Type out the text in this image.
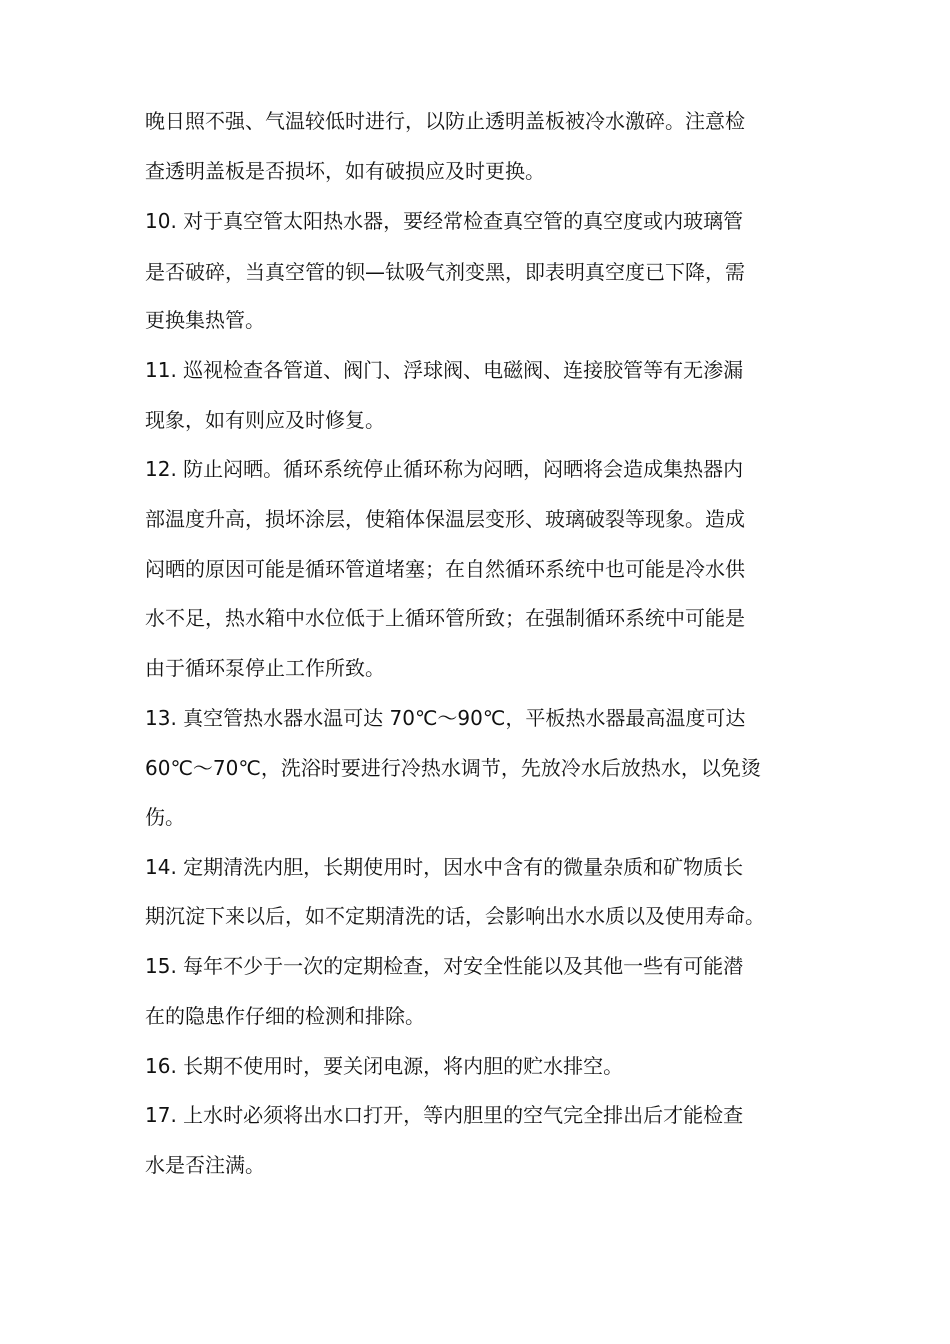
晚日照不强、气温较低时进行，以防止透明盖板被冷水激碎。注意检
查透明盖板是否损坏，如有破损应及时更换。
10. 对于真空管太阳热水器，要经常检查真空管的真空度或内玻璃管
是否破碎，当真空管的钡—钛吸气剂变黑，即表明真空度已下降，需
更换集热管。
11. 巡视检查各管道、阀门、浮球阀、电磁阀、连接胶管等有无渗漏
现象，如有则应及时修复。
12. 防止闷晒。循环系统停止循环称为闷晒，闷晒将会造成集热器内
部温度升高，损坏涂层，使箱体保温层变形、玻璃破裂等现象。造成
闷晒的原因可能是循环管道堵塞；在自然循环系统中也可能是冷水供
水不足，热水箱中水位低于上循环管所致；在强制循环系统中可能是
由于循环泵停止工作所致。
13. 真空管热水器水温可达 70℃～90℃，平板热水器最高温度可达
60℃～70℃，洗浴时要进行冷热水调节，先放冷水后放热水，以免烫
伤。
14. 定期清洗内胆，长期使用时，因水中含有的微量杂质和矿物质长
期沉淀下来以后，如不定期清洗的话，会影响出水水质以及使用寿命。
15. 每年不少于一次的定期检查，对安全性能以及其他一些有可能潜
在的隐患作仔细的检测和排除。
16. 长期不使用时，要关闭电源，将内胆的贮水排空。
17. 上水时必须将出水口打开，等内胆里的空气完全排出后才能检查
水是否注满。
